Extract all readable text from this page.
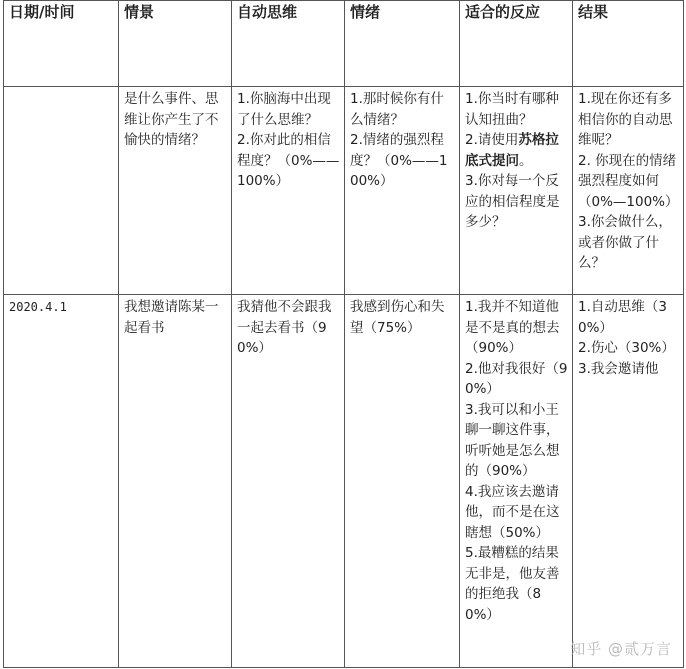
日期/时间	情景	自动思维	情绪	适合的反应	结果
	是什么事件、思维让你产生了不愉快的情绪？	1.你脑海中出现了什么思维？
2.你对此的相信程度？（0%——100%）	1.那时候你有什么情绪？
2.情绪的强烈程度？（0%——100%）	1.你当时有哪种认知扭曲？
2.请使用苏格拉底式提问。
3.你对每一个反应的相信程度是多少？	1.现在你还有多相信你的自动思维呢？
2. 你现在的情绪强烈程度如何（0%—100%）
3.你会做什么，或者你做了什么？

2020.4.1	我想邀请陈某一起看书	我猜他不会跟我一起去看书（90%）	我感到伤心和失望（75%）	1.我并不知道他是不是真的想去（90%）
2.他对我很好（90%）
3.我可以和小王聊一聊这件事，听听她是怎么想的（90%）
4.我应该去邀请他，而不是在这瞎想（50%）
5.最糟糕的结果无非是，他友善的拒绝我（80%）	1.自动思维（30%）
2.伤心（30%）
3.我会邀请他
知乎 @贰万言
